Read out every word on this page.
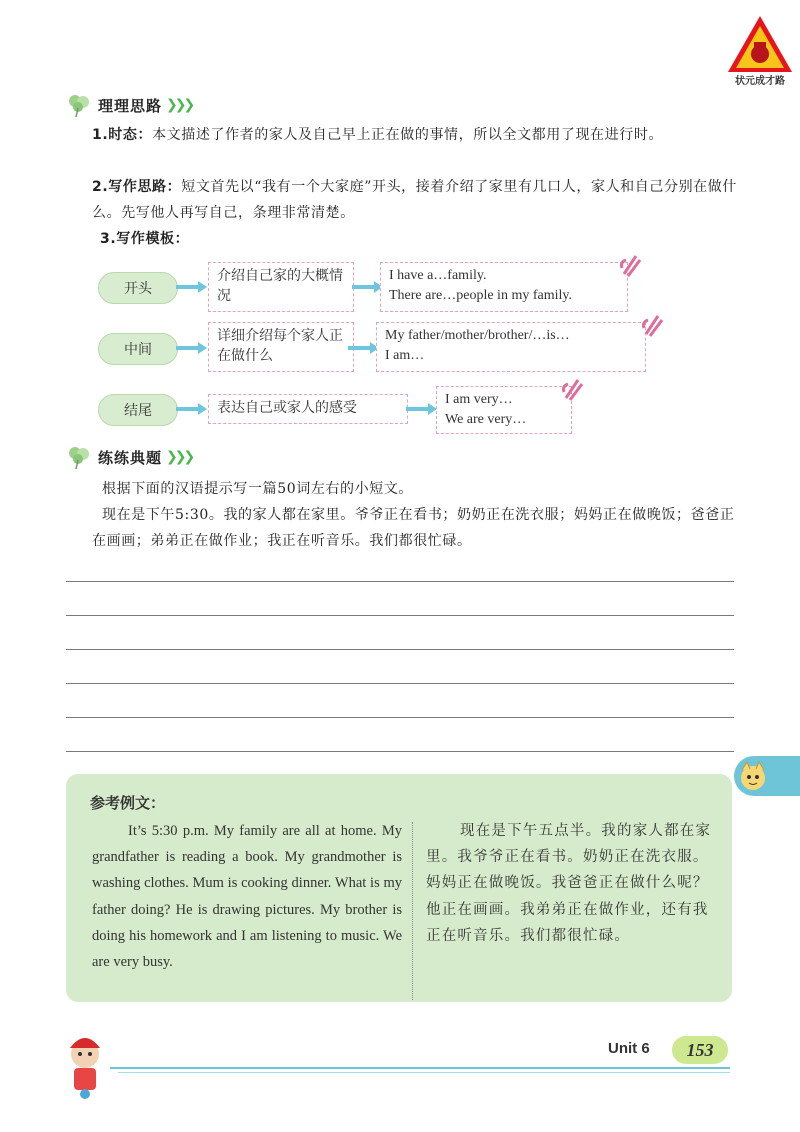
状元成才路
理理思路 ❯❯❯
1.时态：本文描述了作者的家人及自己早上正在做的事情，所以全文都用了现在进行时。
2.写作思路：短文首先以“我有一个大家庭”开头，接着介绍了家里有几口人，家人和自己分别在做什么。先写他人再写自己，条理非常清楚。
3.写作模板：
开头
介绍自己家的大概情况
I have a…family.
There are…people in my family.
中间
详细介绍每个家人正在做什么
My father/mother/brother/…is…
I am…
结尾	表达自己或家人的感受
I am very…
We are very…
练练典题 ❯❯❯
根据下面的汉语提示写一篇50词左右的小短文。
现在是下午5:30。我的家人都在家里。爷爷正在看书；奶奶正在洗衣服；妈妈正在做晚饭；爸爸正在画画；弟弟正在做作业；我正在听音乐。我们都很忙碌。
参考例文：
It’s 5:30 p.m. My family are all at home. My grandfather is reading a book. My grandmother is washing clothes. Mum is cooking dinner. What is my father doing? He is drawing pictures. My brother is doing his homework and I am listening to music. We are very busy.
现在是下午五点半。我的家人都在家里。我爷爷正在看书。奶奶正在洗衣服。妈妈正在做晚饭。我爸爸正在做什么呢？他正在画画。我弟弟正在做作业，还有我正在听音乐。我们都很忙碌。
Unit 6	153
